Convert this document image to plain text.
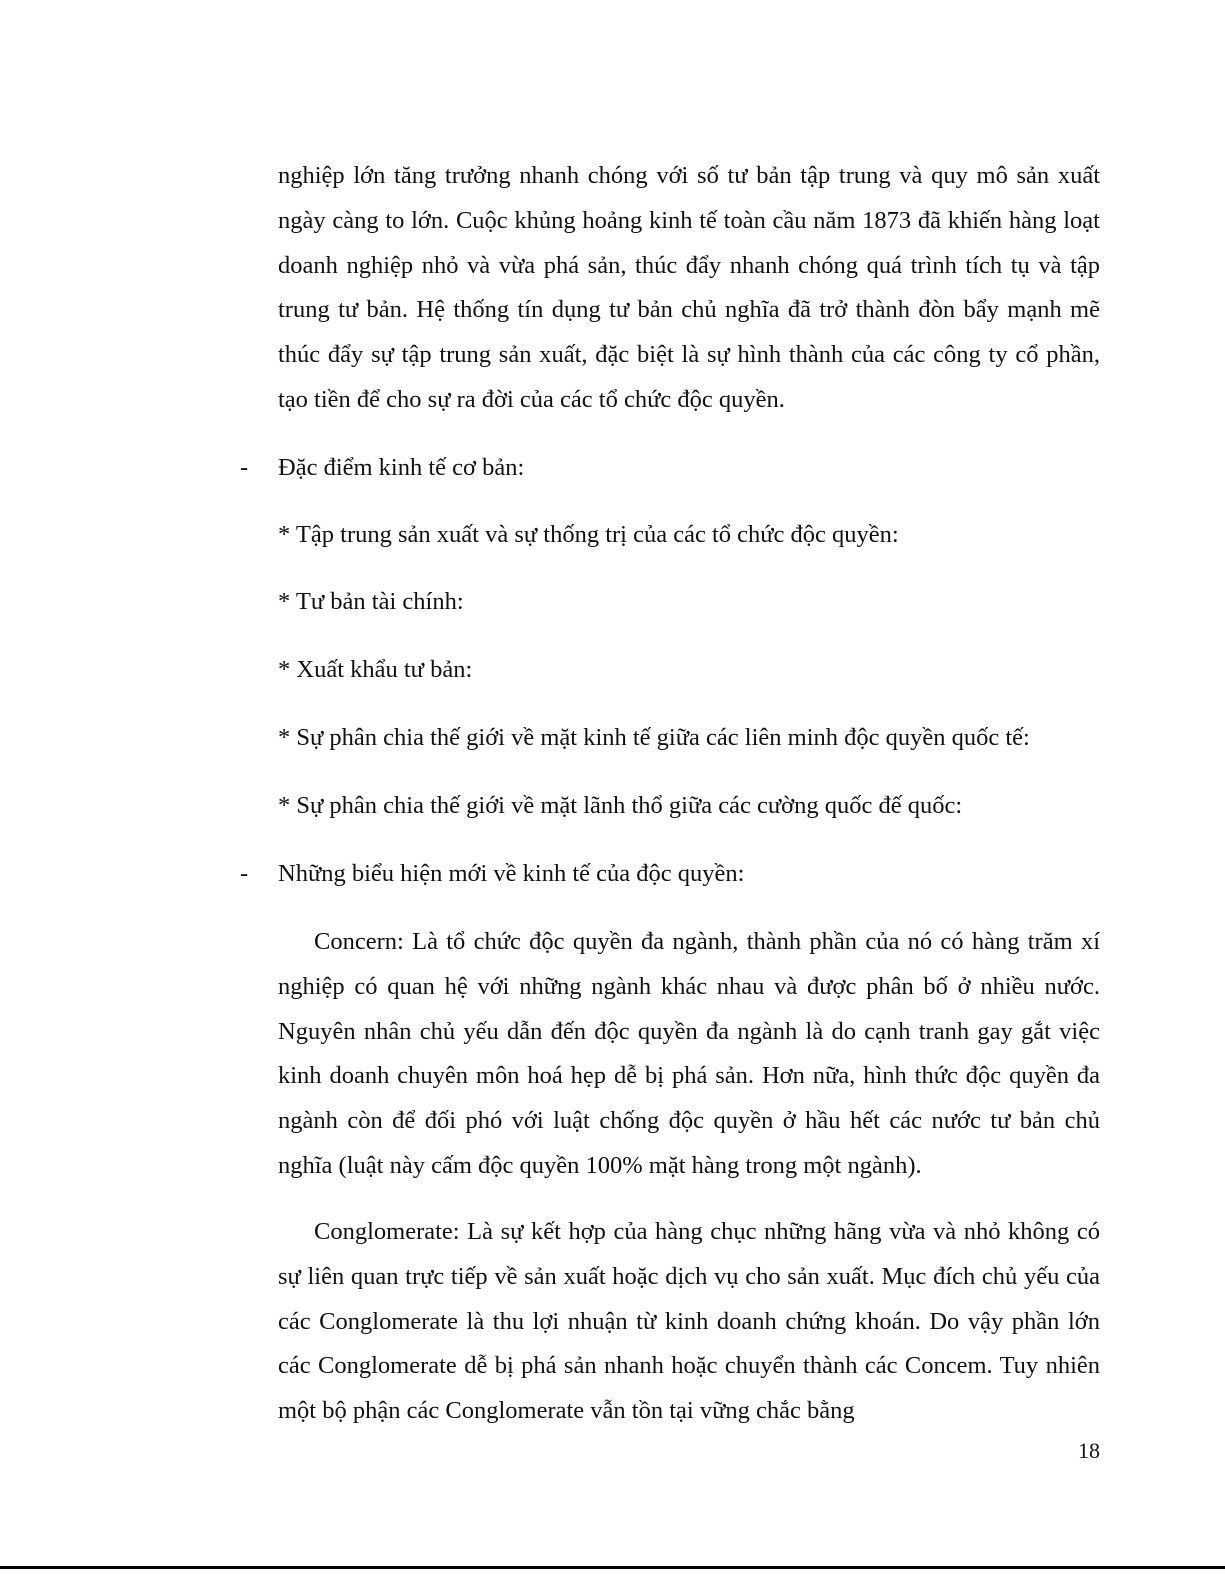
nghiệp lớn tăng trưởng nhanh chóng với số tư bản tập trung và quy mô sản xuất ngày càng to lớn. Cuộc khủng hoảng kinh tế toàn cầu năm 1873 đã khiến hàng loạt doanh nghiệp nhỏ và vừa phá sản, thúc đẩy nhanh chóng quá trình tích tụ và tập trung tư bản. Hệ thống tín dụng tư bản chủ nghĩa đã trở thành đòn bẩy mạnh mẽ thúc đẩy sự tập trung sản xuất, đặc biệt là sự hình thành của các công ty cổ phần, tạo tiền để cho sự ra đời của các tổ chức độc quyền.

- Đặc điểm kinh tế cơ bản:

* Tập trung sản xuất và sự thống trị của các tổ chức độc quyền:

* Tư bản tài chính:

* Xuất khẩu tư bản:

* Sự phân chia thế giới về mặt kinh tế giữa các liên minh độc quyền quốc tế:

* Sự phân chia thế giới về mặt lãnh thổ giữa các cường quốc đế quốc:

- Những biểu hiện mới về kinh tế của độc quyền:

Concern: Là tổ chức độc quyền đa ngành, thành phần của nó có hàng trăm xí nghiệp có quan hệ với những ngành khác nhau và được phân bố ở nhiều nước. Nguyên nhân chủ yếu dẫn đến độc quyền đa ngành là do cạnh tranh gay gắt việc kinh doanh chuyên môn hoá hẹp dễ bị phá sản. Hơn nữa, hình thức độc quyền đa ngành còn để đối phó với luật chống độc quyền ở hầu hết các nước tư bản chủ nghĩa (luật này cấm độc quyền 100% mặt hàng trong một ngành).

Conglomerate: Là sự kết hợp của hàng chục những hãng vừa và nhỏ không có sự liên quan trực tiếp về sản xuất hoặc dịch vụ cho sản xuất. Mục đích chủ yếu của các Conglomerate là thu lợi nhuận từ kinh doanh chứng khoán. Do vậy phần lớn các Conglomerate dễ bị phá sản nhanh hoặc chuyển thành các Concem. Tuy nhiên một bộ phận các Conglomerate vẫn tồn tại vững chắc bằng

18
